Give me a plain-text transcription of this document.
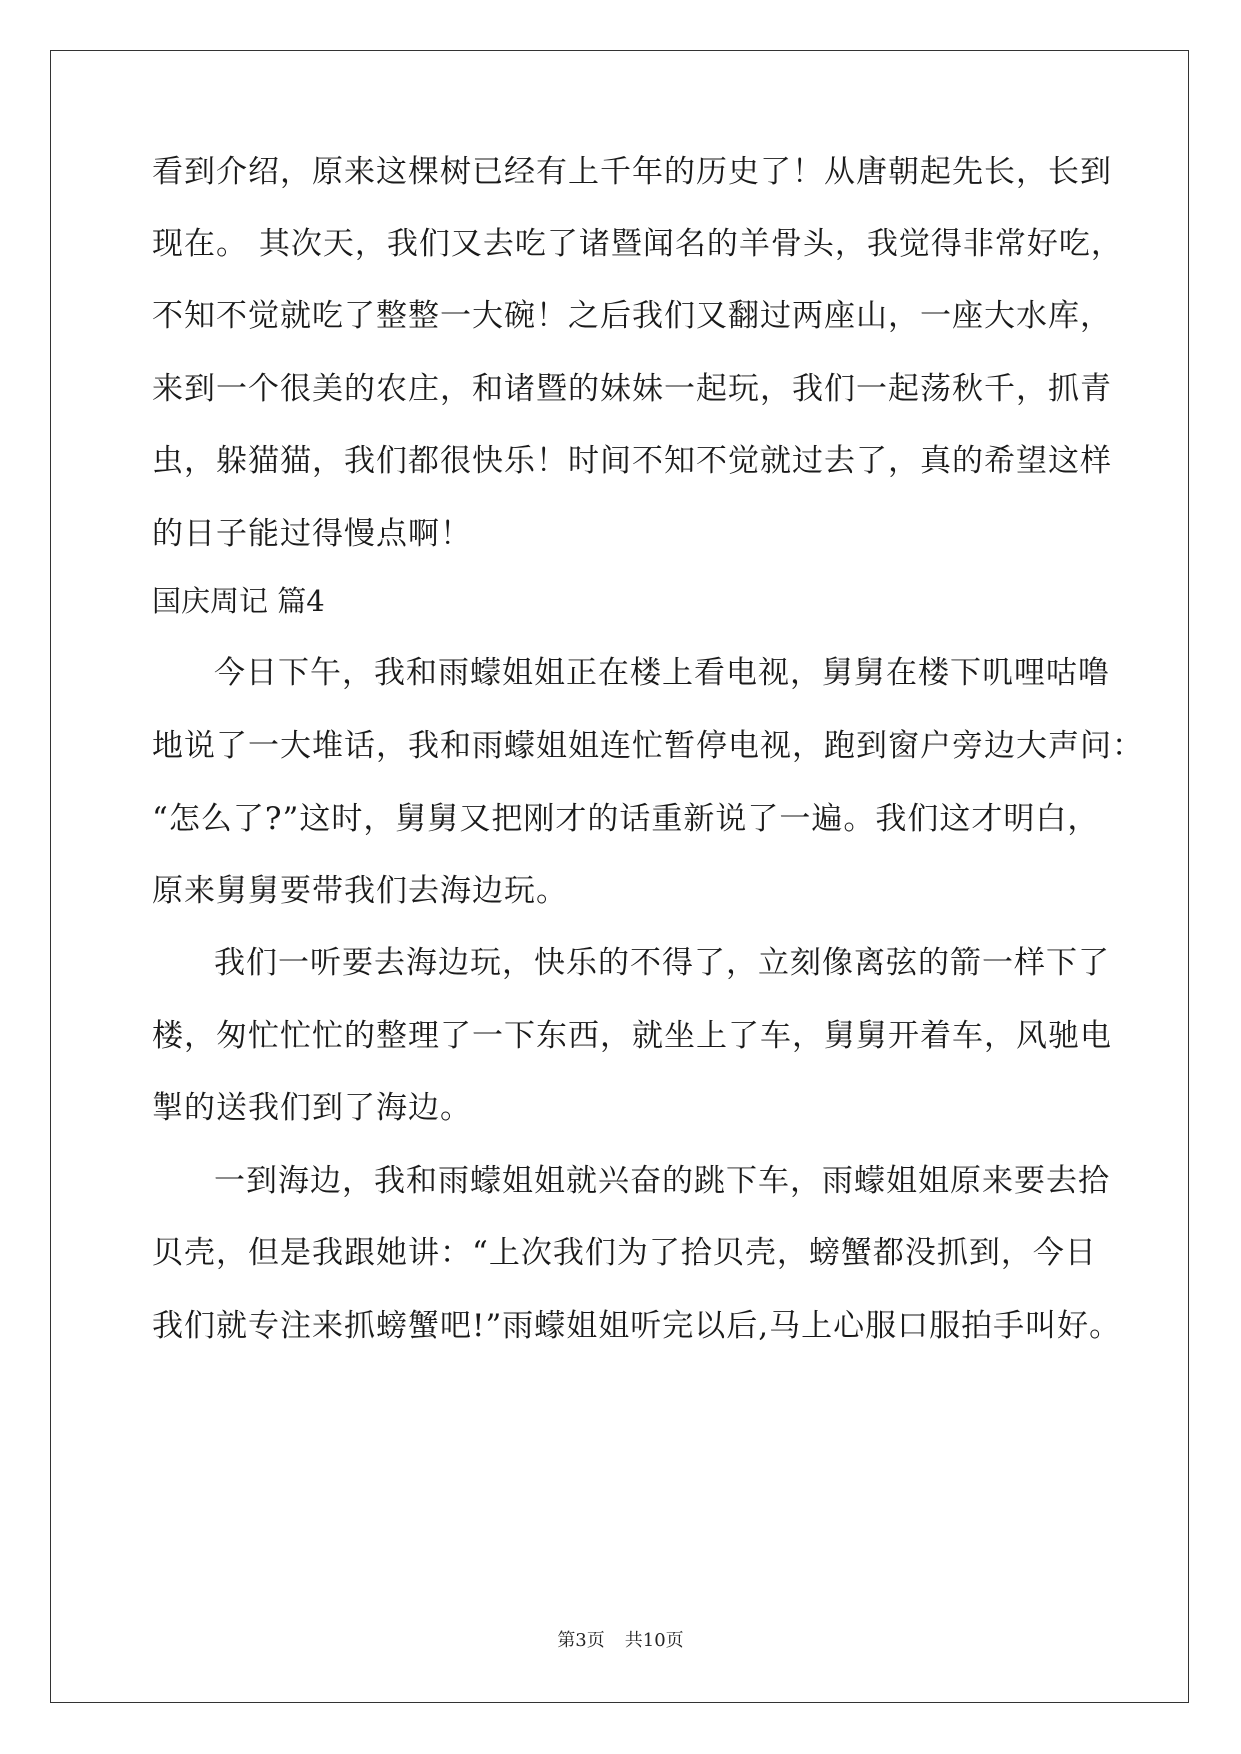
看到介绍，原来这棵树已经有上千年的历史了！从唐朝起先长，长到
现在。 其次天，我们又去吃了诸暨闻名的羊骨头，我觉得非常好吃，
不知不觉就吃了整整一大碗！之后我们又翻过两座山，一座大水库，
来到一个很美的农庄，和诸暨的妹妹一起玩，我们一起荡秋千，抓青
虫，躲猫猫，我们都很快乐！时间不知不觉就过去了，真的希望这样
的日子能过得慢点啊！
国庆周记 篇4
今日下午，我和雨蠓姐姐正在楼上看电视，舅舅在楼下叽哩咕噜
地说了一大堆话，我和雨蠓姐姐连忙暂停电视，跑到窗户旁边大声问：
“怎么了?”这时，舅舅又把刚才的话重新说了一遍。我们这才明白，
原来舅舅要带我们去海边玩。
我们一听要去海边玩，快乐的不得了，立刻像离弦的箭一样下了
楼，匆忙忙忙的整理了一下东西，就坐上了车，舅舅开着车，风驰电
掣的送我们到了海边。
一到海边，我和雨蠓姐姐就兴奋的跳下车，雨蠓姐姐原来要去拾
贝壳，但是我跟她讲：“上次我们为了拾贝壳，螃蟹都没抓到，今日
我们就专注来抓螃蟹吧!”雨蠓姐姐听完以后,马上心服口服拍手叫好。
第3页 共10页
